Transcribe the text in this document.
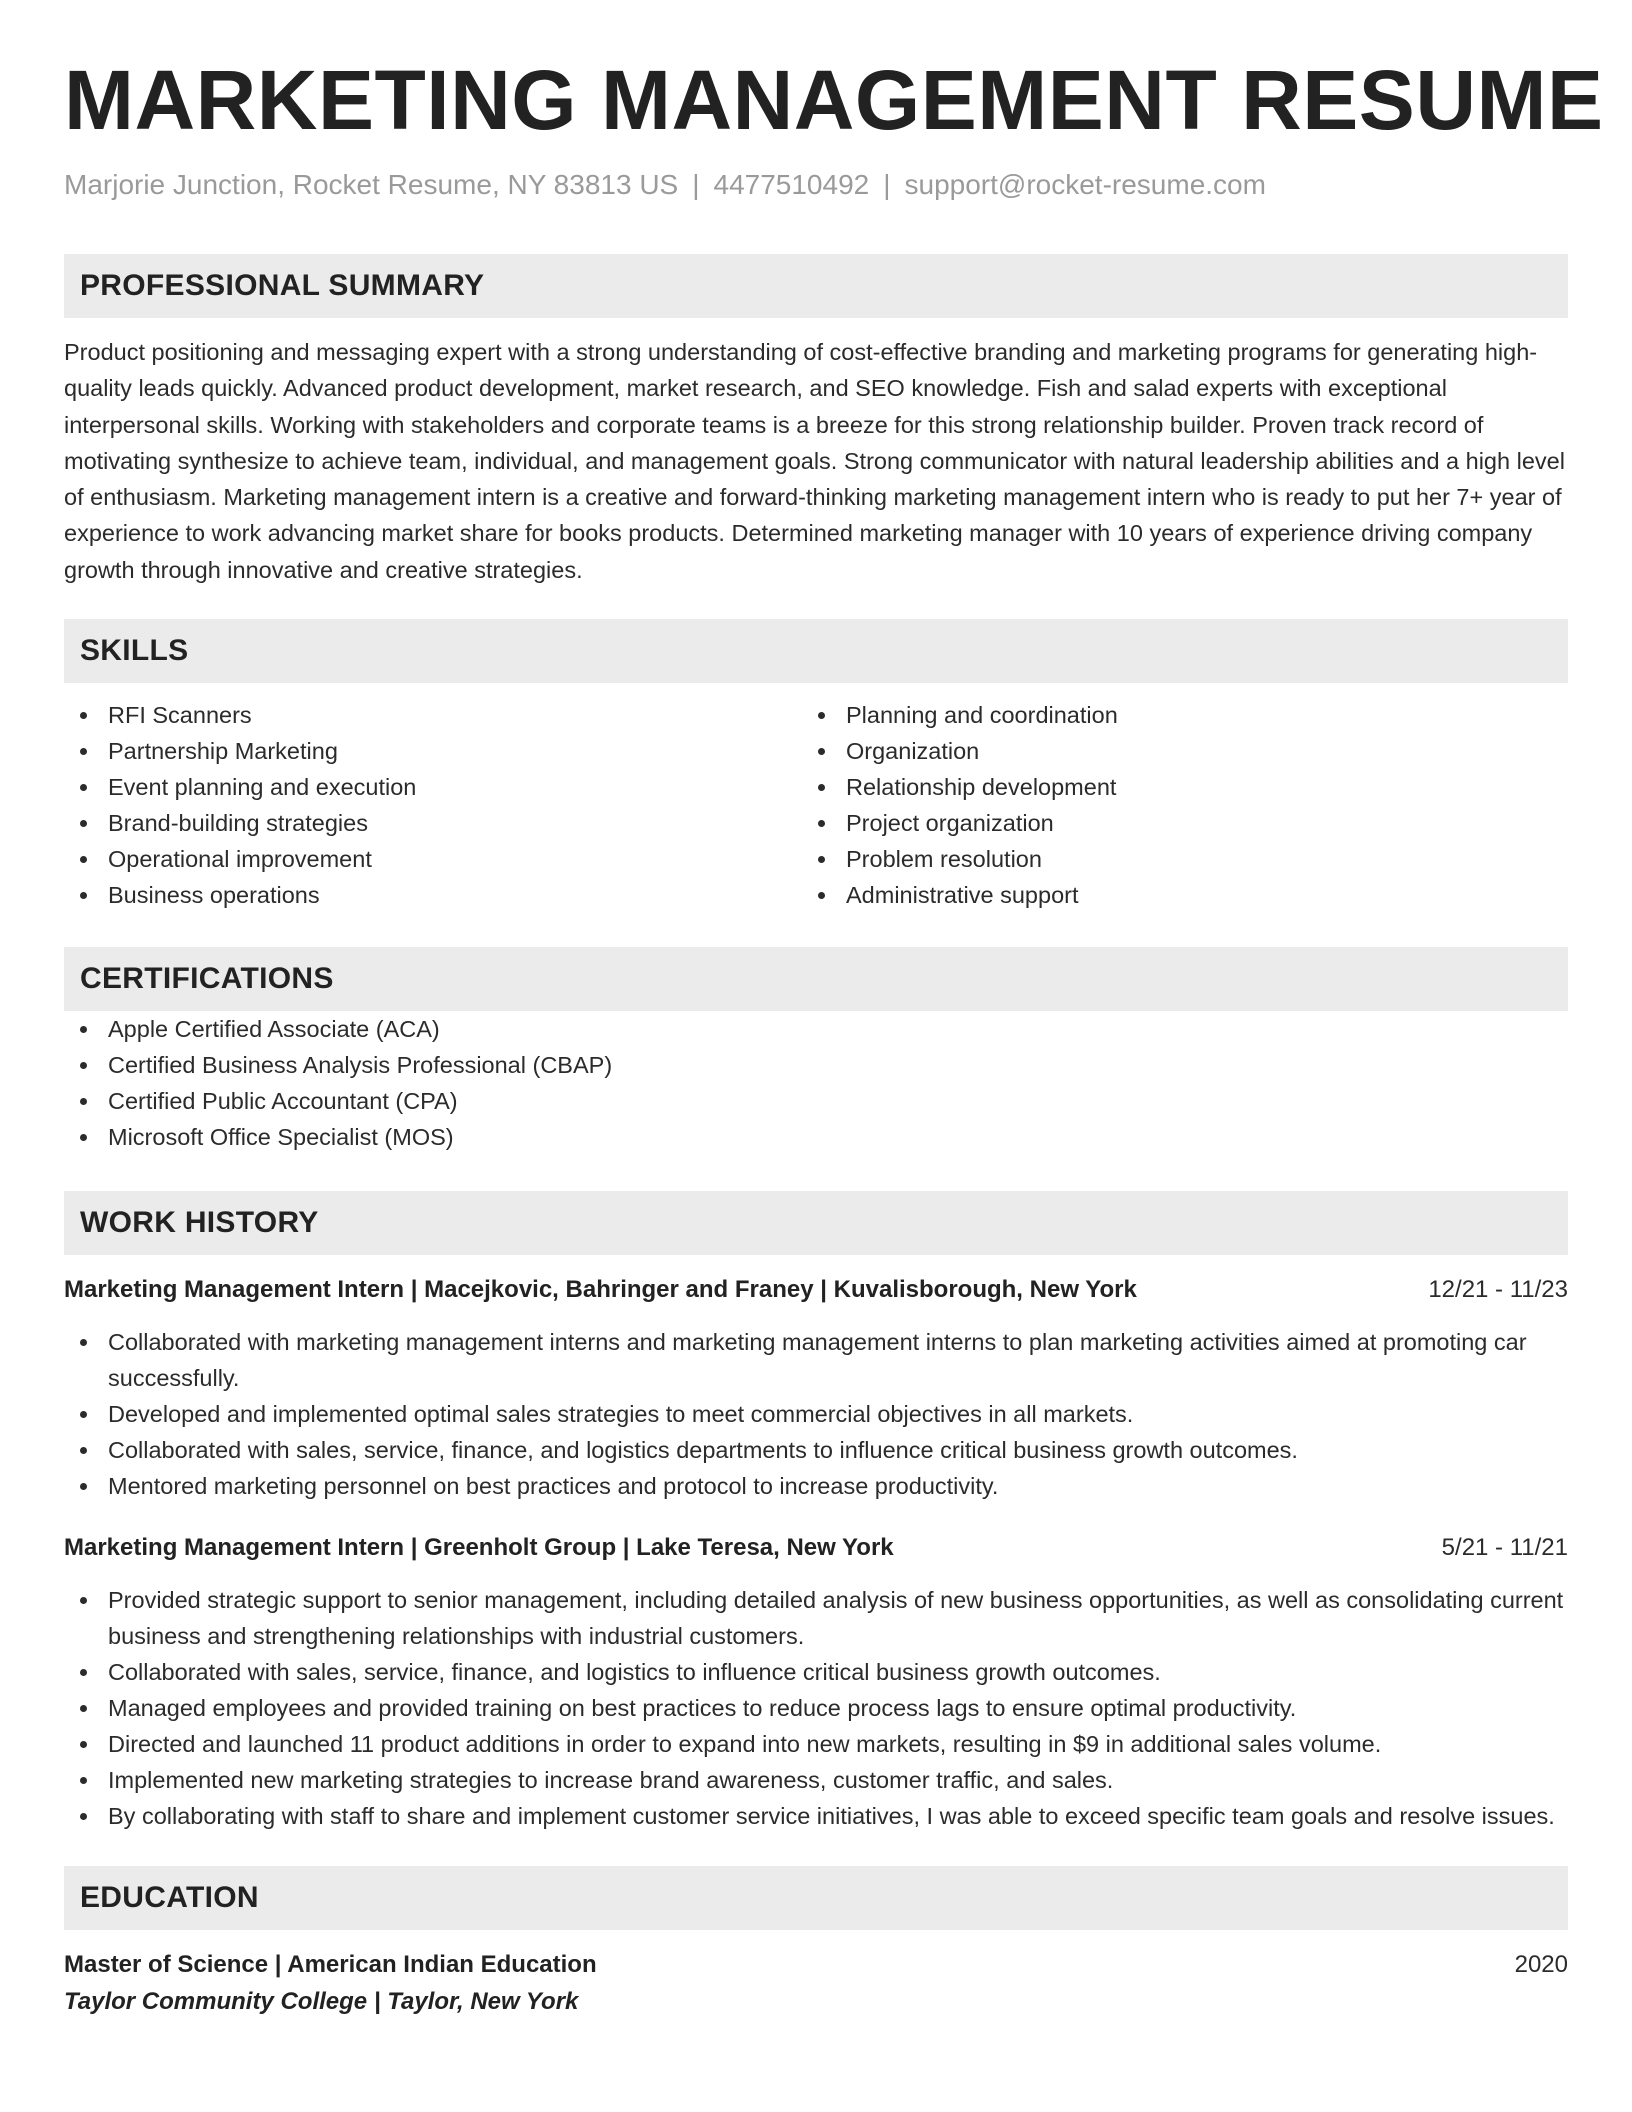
MARKETING MANAGEMENT RESUME
Marjorie Junction, Rocket Resume, NY 83813 US | 4477510492 | support@rocket-resume.com
PROFESSIONAL SUMMARY

Product positioning and messaging expert with a strong understanding of cost-effective branding and marketing programs for generating high-quality leads quickly. Advanced product development, market research, and SEO knowledge. Fish and salad experts with exceptional interpersonal skills. Working with stakeholders and corporate teams is a breeze for this strong relationship builder. Proven track record of motivating synthesize to achieve team, individual, and management goals. Strong communicator with natural leadership abilities and a high level of enthusiasm. Marketing management intern is a creative and forward-thinking marketing management intern who is ready to put her 7+ year of experience to work advancing market share for books products. Determined marketing manager with 10 years of experience driving company growth through innovative and creative strategies.

SKILLS
RFI Scanners
Partnership Marketing
Event planning and execution
Brand-building strategies
Operational improvement
Business operations
Planning and coordination
Organization
Relationship development
Project organization
Problem resolution
Administrative support
CERTIFICATIONS
Apple Certified Associate (ACA)
Certified Business Analysis Professional (CBAP)
Certified Public Accountant (CPA)
Microsoft Office Specialist (MOS)
WORK HISTORY
Marketing Management Intern | Macejkovic, Bahringer and Franey | Kuvalisborough, New York	12/21 - 11/23
Collaborated with marketing management interns and marketing management interns to plan marketing activities aimed at promoting car successfully.
Developed and implemented optimal sales strategies to meet commercial objectives in all markets.
Collaborated with sales, service, finance, and logistics departments to influence critical business growth outcomes.
Mentored marketing personnel on best practices and protocol to increase productivity.
Marketing Management Intern | Greenholt Group | Lake Teresa, New York	5/21 - 11/21
Provided strategic support to senior management, including detailed analysis of new business opportunities, as well as consolidating current business and strengthening relationships with industrial customers.
Collaborated with sales, service, finance, and logistics to influence critical business growth outcomes.
Managed employees and provided training on best practices to reduce process lags to ensure optimal productivity.
Directed and launched 11 product additions in order to expand into new markets, resulting in $9 in additional sales volume.
Implemented new marketing strategies to increase brand awareness, customer traffic, and sales.
By collaborating with staff to share and implement customer service initiatives, I was able to exceed specific team goals and resolve issues.
EDUCATION
Master of Science | American Indian Education	2020
Taylor Community College | Taylor, New York
